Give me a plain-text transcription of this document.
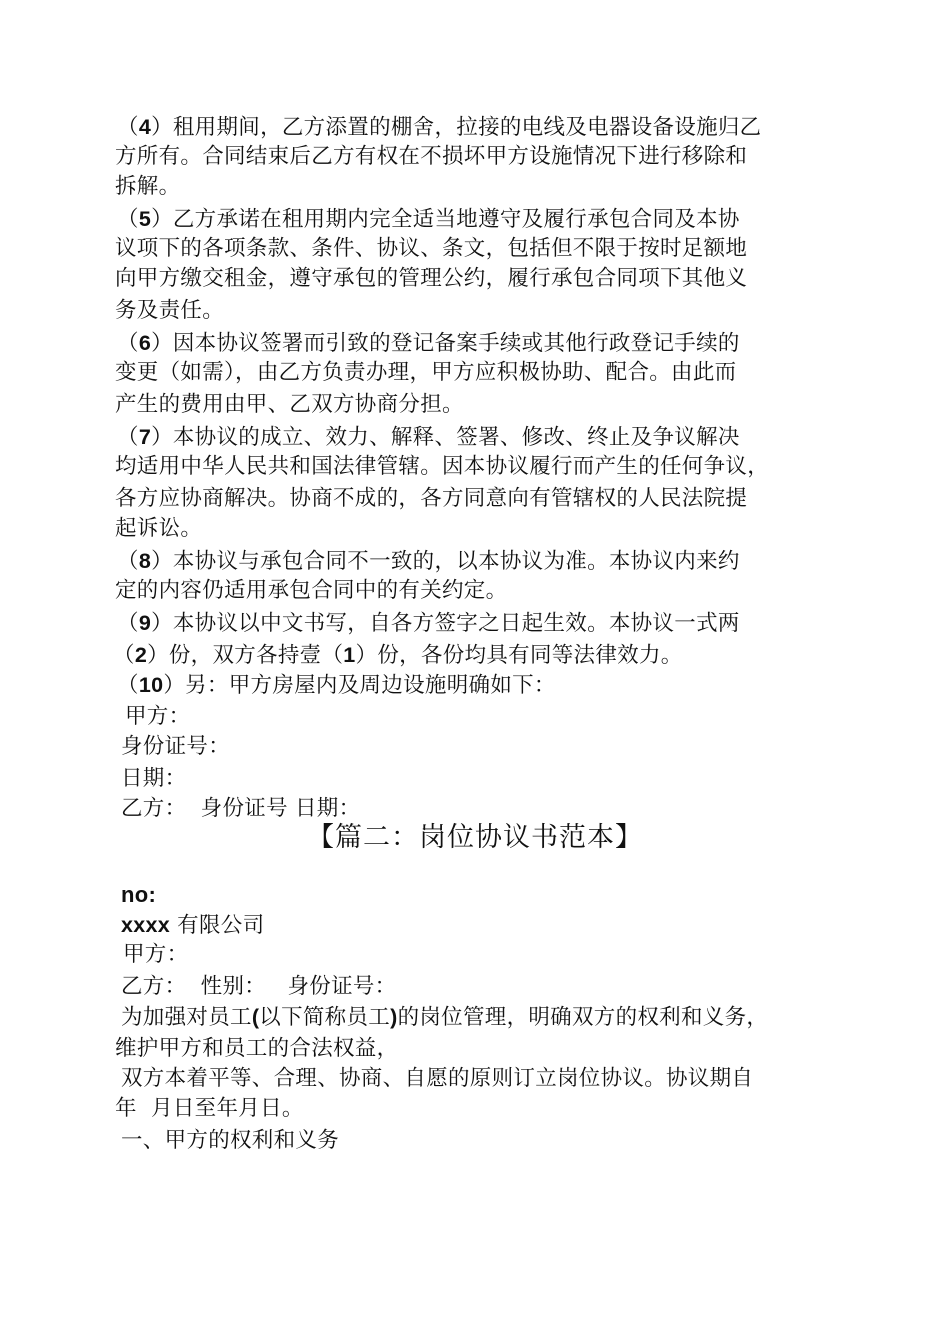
（4）租用期间，乙方添置的棚舍，拉接的电线及电器设备设施归乙
方所有。合同结束后乙方有权在不损坏甲方设施情况下进行移除和
拆解。
（5）乙方承诺在租用期内完全适当地遵守及履行承包合同及本协
议项下的各项条款、条件、协议、条文，包括但不限于按时足额地
向甲方缴交租金，遵守承包的管理公约，履行承包合同项下其他义
务及责任。
（6）因本协议签署而引致的登记备案手续或其他行政登记手续的
变更（如需），由乙方负责办理，甲方应积极协助、配合。由此而
产生的费用由甲、乙双方协商分担。
（7）本协议的成立、效力、解释、签署、修改、终止及争议解决
均适用中华人民共和国法律管辖。因本协议履行而产生的任何争议，
各方应协商解决。协商不成的，各方同意向有管辖权的人民法院提
起诉讼。
（8）本协议与承包合同不一致的，以本协议为准。本协议内来约
定的内容仍适用承包合同中的有关约定。
（9）本协议以中文书写，自各方签字之日起生效。本协议一式两
（2）份，双方各持壹（1）份，各份均具有同等法律效力。
（10）另：甲方房屋内及周边设施明确如下：
甲方：
身份证号：
日期：
乙方：  身份证号 日期：
【篇二：岗位协议书范本】
no:
xxxx 有限公司
甲方：
乙方：  性别：   身份证号：
为加强对员工(以下简称员工)的岗位管理，明确双方的权利和义务，
维护甲方和员工的合法权益，
双方本着平等、合理、协商、自愿的原则订立岗位协议。协议期自
年  月日至年月日。
一、甲方的权利和义务
